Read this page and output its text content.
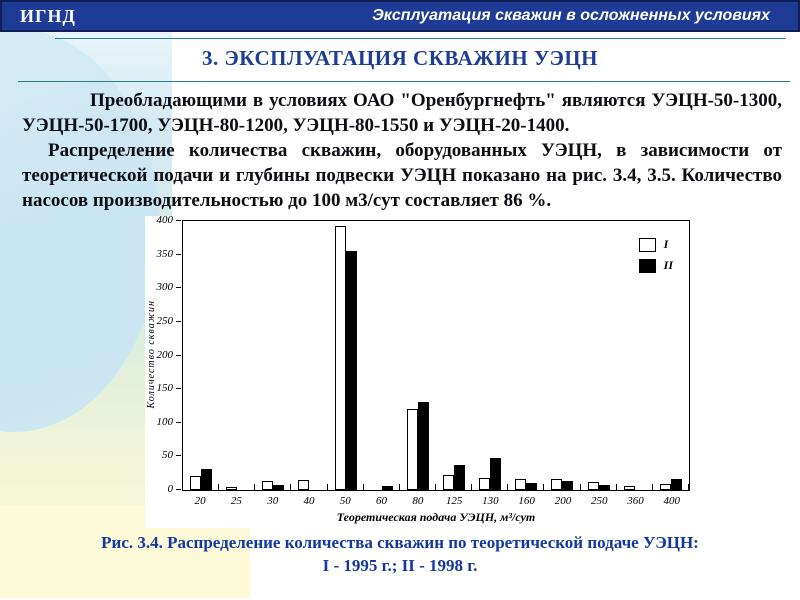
ИГНД	Эксплуатация скважин в осложненных условиях
3. ЭКСПЛУАТАЦИЯ СКВАЖИН УЭЦН

Преобладающими в условиях ОАО "Оренбургнефть" являются УЭЦН-50-1300, УЭЦН-50-1700, УЭЦН-80-1200, УЭЦН-80-1550 и УЭЦН-20-1400.

Распределение количества скважин, оборудованных УЭЦН, в зависимости от теоретической подачи и глубины подвески УЭЦН показано на рис. 3.4, 3.5. Количество насосов производительностью до 100 м3/сут составляет 86 %.

Количество скважин
0
50
100
150
200
250
300
350
400
I
II
20	25	30	40	50	60	80	125	130	160	200	250	360	400
Теоретическая подача УЭЦН, м³/сут
Рис. 3.4. Распределение количества скважин по теоретической подаче УЭЦН:
I - 1995 г.; II - 1998 г.
